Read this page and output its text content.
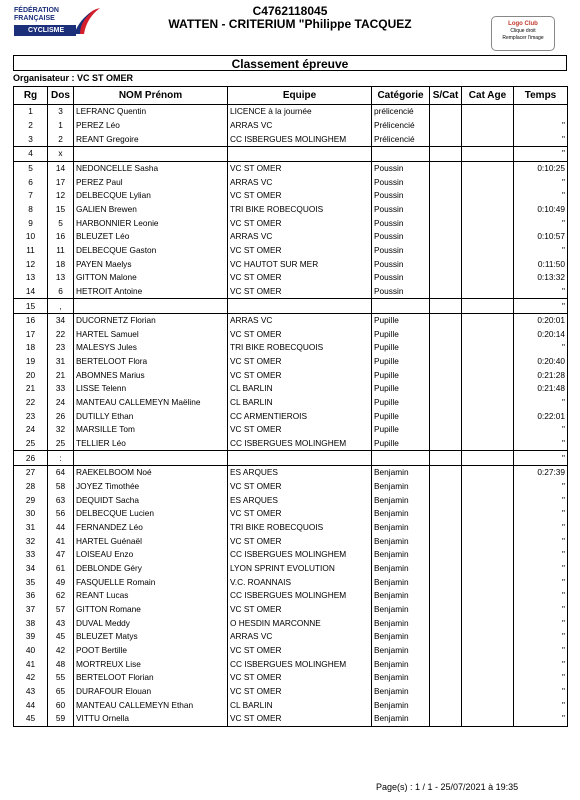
FÉDÉRATION
FRANÇAISE
CYCLISME
C4762118045
WATTEN - CRITERIUM "Philippe TACQUEZ	Logo Club
Clique droit
Remplacer l'image
Classement épreuve
Organisateur : VC ST OMER
Rg	Dos	NOM Prénom	Equipe	Catégorie	S/Cat	Cat Age	Temps
1	3	LEFRANC Quentin	LICENCE à la journée	prélicencié			
2	1	PEREZ Léo	ARRAS VC	Prélicencié			"
3	2	REANT Gregoire	CC ISBERGUES MOLINGHEM	Prélicencié			"
4	x						"
5	14	NEDONCELLE Sasha	VC ST OMER	Poussin			0:10:25
6	17	PEREZ Paul	ARRAS VC	Poussin			"
7	12	DELBECQUE Lylian	VC ST OMER	Poussin			"
8	15	GALIEN Brewen	TRI BIKE ROBECQUOIS	Poussin			0:10:49
9	5	HARBONNIER Leonie	VC ST OMER	Poussin			"
10	16	BLEUZET Léo	ARRAS VC	Poussin			0:10:57
11	11	DELBECQUE Gaston	VC ST OMER	Poussin			"
12	18	PAYEN Maelys	VC HAUTOT SUR MER	Poussin			0:11:50
13	13	GITTON Malone	VC ST OMER	Poussin			0:13:32
14	6	HETROIT Antoine	VC ST OMER	Poussin			"
15	,						"
16	34	DUCORNETZ Florian	ARRAS VC	Pupille			0:20:01
17	22	HARTEL Samuel	VC ST OMER	Pupille			0:20:14
18	23	MALESYS Jules	TRI BIKE ROBECQUOIS	Pupille			"
19	31	BERTELOOT Flora	VC ST OMER	Pupille			0:20:40
20	21	ABOMNES Marius	VC ST OMER	Pupille			0:21:28
21	33	LISSE Telenn	CL BARLIN	Pupille			0:21:48
22	24	MANTEAU CALLEMEYN Maëline	CL BARLIN	Pupille			"
23	26	DUTILLY Ethan	CC ARMENTIEROIS	Pupille			0:22:01
24	32	MARSILLE Tom	VC ST OMER	Pupille			"
25	25	TELLIER Léo	CC ISBERGUES MOLINGHEM	Pupille			"
26	:						"
27	64	RAEKELBOOM Noé	ES ARQUES	Benjamin			0:27:39
28	58	JOYEZ Timothée	VC ST OMER	Benjamin			"
29	63	DEQUIDT Sacha	ES ARQUES	Benjamin			"
30	56	DELBECQUE Lucien	VC ST OMER	Benjamin			"
31	44	FERNANDEZ Léo	TRI BIKE ROBECQUOIS	Benjamin			"
32	41	HARTEL Guénaël	VC ST OMER	Benjamin			"
33	47	LOISEAU Enzo	CC ISBERGUES MOLINGHEM	Benjamin			"
34	61	DEBLONDE Géry	LYON SPRINT EVOLUTION	Benjamin			"
35	49	FASQUELLE Romain	V.C. ROANNAIS	Benjamin			"
36	62	REANT Lucas	CC ISBERGUES MOLINGHEM	Benjamin			"
37	57	GITTON Romane	VC ST OMER	Benjamin			"
38	43	DUVAL Meddy	O HESDIN MARCONNE	Benjamin			"
39	45	BLEUZET Matys	ARRAS VC	Benjamin			"
40	42	POOT Bertille	VC ST OMER	Benjamin			"
41	48	MORTREUX Lise	CC ISBERGUES MOLINGHEM	Benjamin			"
42	55	BERTELOOT Florian	VC ST OMER	Benjamin			"
43	65	DURAFOUR Elouan	VC ST OMER	Benjamin			"
44	60	MANTEAU CALLEMEYN Ethan	CL BARLIN	Benjamin			"
45	59	VITTU Ornella	VC ST OMER	Benjamin			"
Page(s) : 1 / 1 - 25/07/2021 à 19:35
